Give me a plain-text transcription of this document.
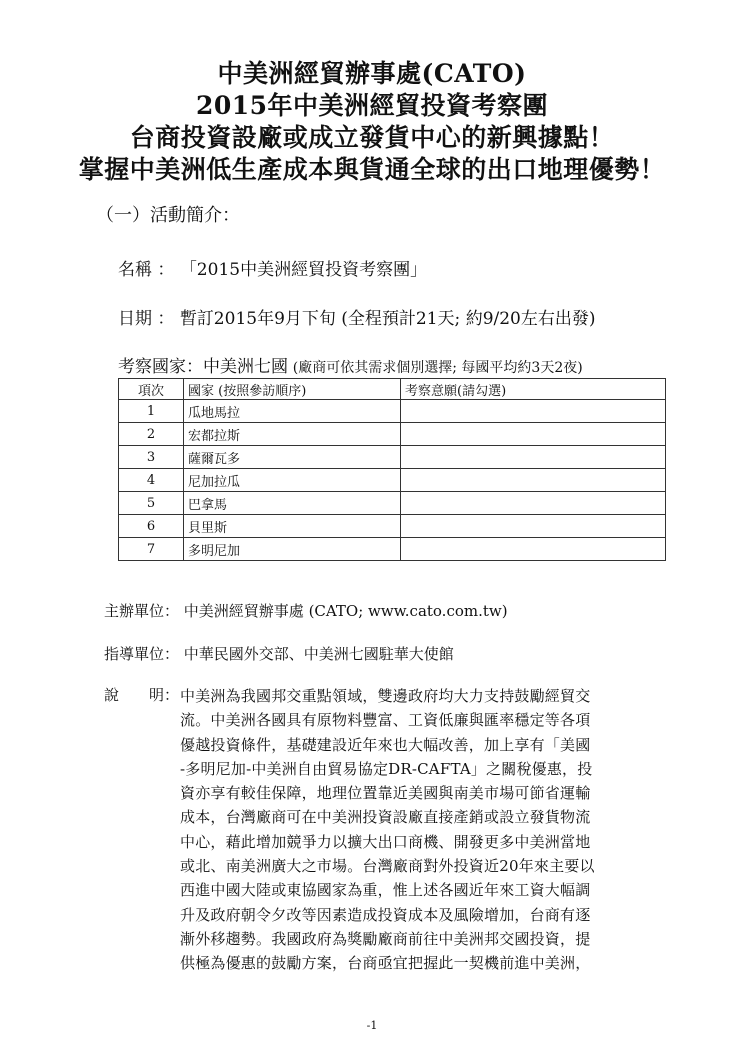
中美洲經貿辦事處(CATO)
2015年中美洲經貿投資考察團
台商投資設廠或成立發貨中心的新興據點！
掌握中美洲低生產成本與貨通全球的出口地理優勢！
（一）活動簡介：
名稱 ： 「2015中美洲經貿投資考察團」
日期 ： 暫訂2015年9月下旬 (全程預計21天; 約9/20左右出發)
考察國家：中美洲七國 (廠商可依其需求個別選擇; 每國平均約3天2夜)
項次	國家 (按照參訪順序)	考察意願(請勾選)
1	瓜地馬拉	
2	宏都拉斯	
3	薩爾瓦多	
4	尼加拉瓜	
5	巴拿馬	
6	貝里斯	
7	多明尼加	
主辦單位： 中美洲經貿辦事處 (CATO; www.cato.com.tw)
指導單位： 中華民國外交部、中美洲七國駐華大使館
說　　明： 中美洲為我國邦交重點領域，雙邊政府均大力支持鼓勵經貿交
流。中美洲各國具有原物料豐富、工資低廉與匯率穩定等各項
優越投資條件，基礎建設近年來也大幅改善，加上享有「美國
-多明尼加-中美洲自由貿易協定DR-CAFTA」之關稅優惠，投
資亦享有較佳保障，地理位置靠近美國與南美市場可節省運輸
成本，台灣廠商可在中美洲投資設廠直接產銷或設立發貨物流
中心，藉此增加競爭力以擴大出口商機、開發更多中美洲當地
或北、南美洲廣大之市場。台灣廠商對外投資近20年來主要以
西進中國大陸或東協國家為重，惟上述各國近年來工資大幅調
升及政府朝令夕改等因素造成投資成本及風險增加，台商有逐
漸外移趨勢。我國政府為獎勵廠商前往中美洲邦交國投資，提
供極為優惠的鼓勵方案，台商亟宜把握此一契機前進中美洲，
-1
